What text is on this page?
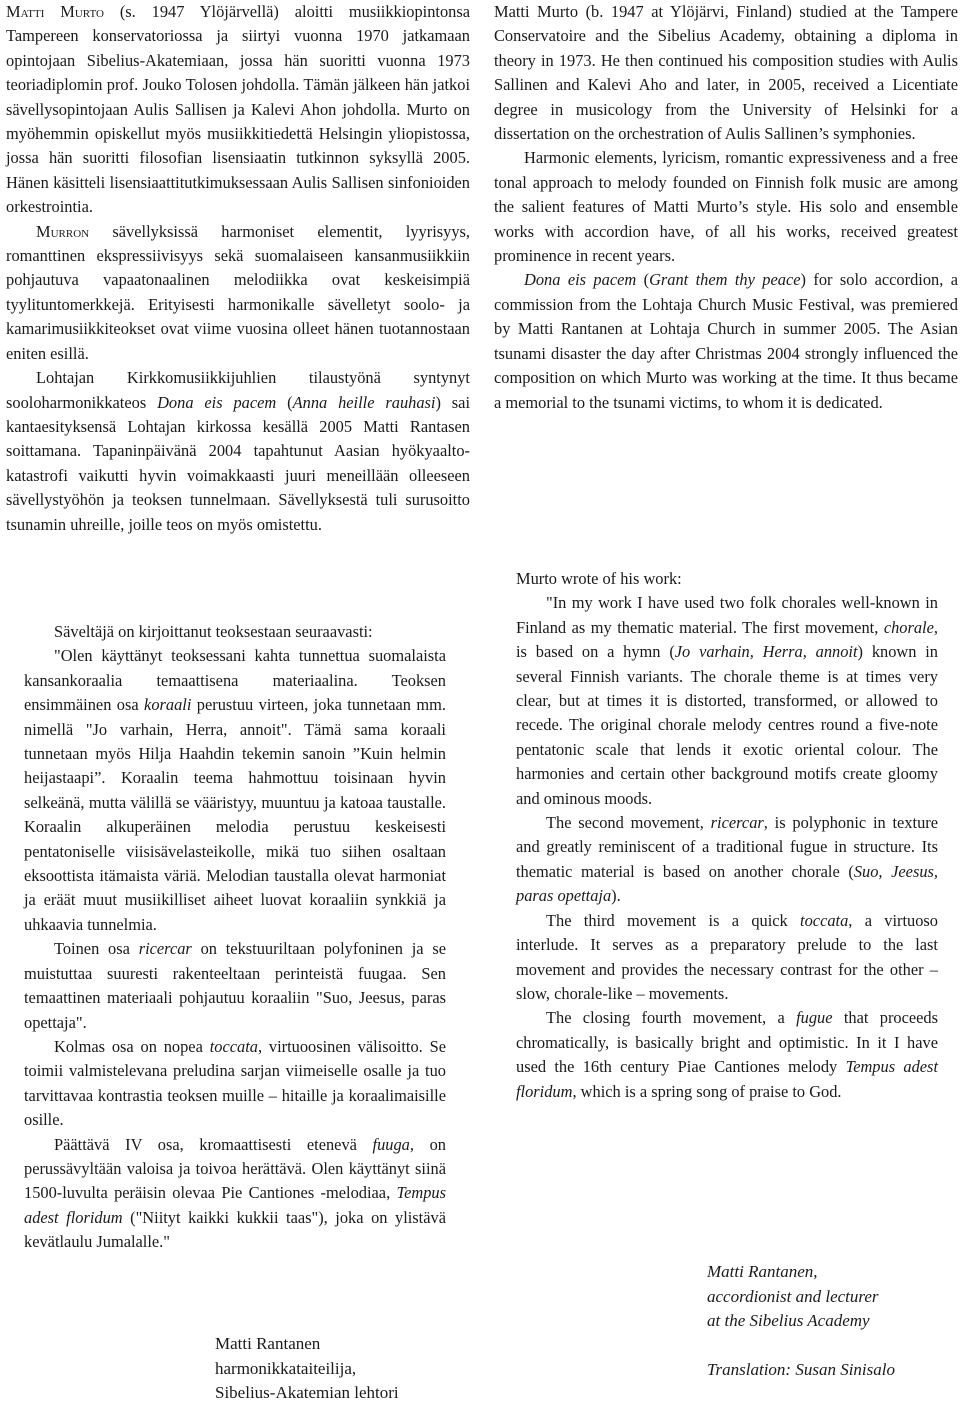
Matti Murto (s. 1947 Ylöjärvellä) aloitti musiikkiopintonsa Tampereen konservatoriossa ja siirtyi vuonna 1970 jatkamaan opintojaan Sibelius-Akatemiaan, jossa hän suoritti vuonna 1973 teoriadiplomin prof. Jouko Tolosen johdolla. Tämän jälkeen hän jatkoi sävellysopintojaan Aulis Sallisen ja Kalevi Ahon johdolla. Murto on myöhemmin opiskellut myös musiikkitiedettä Helsingin yliopistossa, jossa hän suoritti filosofian lisensiaatin tutkinnon syksyllä 2005. Hänen käsitteli lisensiaattitutkimuksessaan Aulis Sallisen sinfonioiden orkestrointia.

Murron sävellyksissä harmoniset elementit, lyyrisyys, romanttinen ekspressiivisyys sekä suomalaiseen kansanmusiikkiin pohjautuva vapaatonaalinen melodiikka ovat keskeisimpiä tyylituntomerkkejä. Erityisesti harmonikalle sävelletyt soolo- ja kamarimusiikkiteokset ovat viime vuosina olleet hänen tuotannostaan eniten esillä.

Lohtajan Kirkkomusiikkijuhlien tilaustyönä syntynyt sooloharmonikkateos Dona eis pacem (Anna heille rauhasi) sai kantaesityksensä Lohtajan kirkossa kesällä 2005 Matti Rantasen soittamana. Tapaninpäivänä 2004 tapahtunut Aasian hyökyaalto-katastrofi vaikutti hyvin voimakkaasti juuri meneillään olleeseen sävellystyöhön ja teoksen tunnelmaan. Sävellyksestä tuli surusoitto tsunamin uhreille, joille teos on myös omistettu.

Säveltäjä on kirjoittanut teoksestaan seuraavasti:

"Olen käyttänyt teoksessani kahta tunnettua suomalaista kansankoraalia temaattisena materiaalina. Teoksen ensimmäinen osa koraali perustuu virteen, joka tunnetaan mm. nimellä "Jo varhain, Herra, annoit". Tämä sama koraali tunnetaan myös Hilja Haahdin tekemin sanoin ”Kuin helmin heijastaapi”. Koraalin teema hahmottuu toisinaan hyvin selkeänä, mutta välillä se vääristyy, muuntuu ja katoaa taustalle. Koraalin alkuperäinen melodia perustuu keskeisesti pentatoniselle viisisävelasteikolle, mikä tuo siihen osaltaan eksoottista itämaista väriä. Melodian taustalla olevat harmoniat ja eräät muut musiikilliset aiheet luovat koraaliin synkkiä ja uhkaavia tunnelmia.

Toinen osa ricercar on tekstuuriltaan polyfoninen ja se muistuttaa suuresti rakenteeltaan perinteistä fuugaa. Sen temaattinen materiaali pohjautuu koraaliin "Suo, Jeesus, paras opettaja".

Kolmas osa on nopea toccata, virtuoosinen välisoitto. Se toimii valmistelevana preludina sarjan viimeiselle osalle ja tuo tarvittavaa kontrastia teoksen muille – hitaille ja koraalimaisille osille.

Päättävä IV osa, kromaattisesti etenevä fuuga, on perussävyltään valoisa ja toivoa herättävä. Olen käyttänyt siinä 1500-luvulta peräisin olevaa Pie Cantiones -melodiaa, Tempus adest floridum ("Niityt kaikki kukkii taas"), joka on ylistävä kevätlaulu Jumalalle."

Matti Rantanen

harmonikkataiteilija,

Sibelius-Akatemian lehtori

Matti Murto (b. 1947 at Ylöjärvi, Finland) studied at the Tampere Conservatoire and the Sibelius Academy, obtaining a diploma in theory in 1973. He then continued his composition studies with Aulis Sallinen and Kalevi Aho and later, in 2005, received a Licentiate degree in musicology from the University of Helsinki for a dissertation on the orchestration of Aulis Sallinen’s symphonies.

Harmonic elements, lyricism, romantic expressiveness and a free tonal approach to melody founded on Finnish folk music are among the salient features of Matti Murto’s style. His solo and ensemble works with accordion have, of all his works, received greatest prominence in recent years.

Dona eis pacem (Grant them thy peace) for solo accordion, a commission from the Lohtaja Church Music Festival, was premiered by Matti Rantanen at Lohtaja Church in summer 2005. The Asian tsunami disaster the day after Christmas 2004 strongly influenced the composition on which Murto was working at the time. It thus became a memorial to the tsunami victims, to whom it is dedicated.

Murto wrote of his work:

"In my work I have used two folk chorales well-known in Finland as my thematic material. The first movement, chorale, is based on a hymn (Jo varhain, Herra, annoit) known in several Finnish variants. The chorale theme is at times very clear, but at times it is distorted, transformed, or allowed to recede. The original chorale melody centres round a five-note pentatonic scale that lends it exotic oriental colour. The harmonies and certain other background motifs create gloomy and ominous moods.

The second movement, ricercar, is polyphonic in texture and greatly reminiscent of a traditional fugue in structure. Its thematic material is based on another chorale (Suo, Jeesus, paras opettaja).

The third movement is a quick toccata, a virtuoso interlude. It serves as a preparatory prelude to the last movement and provides the necessary contrast for the other – slow, chorale-like – movements.

The closing fourth movement, a fugue that proceeds chromatically, is basically bright and optimistic. In it I have used the 16th century Piae Cantiones melody Tempus adest floridum, which is a spring song of praise to God.

Matti Rantanen,

accordionist and lecturer

at the Sibelius Academy

Translation: Susan Sinisalo
